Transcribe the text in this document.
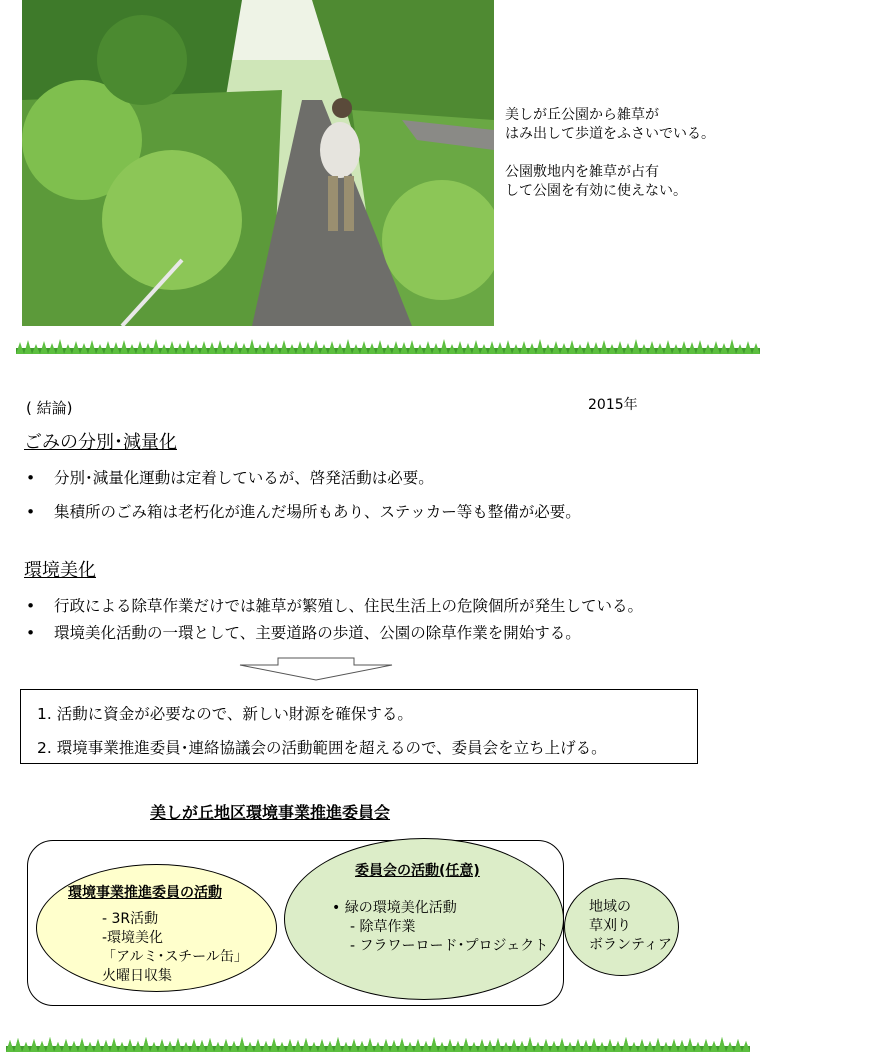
美しが丘公園から雑草が
はみ出して歩道をふさいでいる。

公園敷地内を雑草が占有
して公園を有効に使えない。

( 結論)	2015年
ごみの分別･減量化
• 分別･減量化運動は定着しているが、啓発活動は必要。
• 集積所のごみ箱は老朽化が進んだ場所もあり、ステッカー等も整備が必要。
環境美化
• 行政による除草作業だけでは雑草が繁殖し、住民生活上の危険個所が発生している。
• 環境美化活動の一環として、主要道路の歩道、公園の除草作業を開始する。
1. 活動に資金が必要なので、新しい財源を確保する。
2. 環境事業推進委員･連絡協議会の活動範囲を超えるので、委員会を立ち上げる。
美しが丘地区環境事業推進委員会
環境事業推進委員の活動
- 3R活動
-環境美化
「アルミ･スチール缶」
火曜日収集
委員会の活動(任意)
• 緑の環境美化活動
- 除草作業
- フラワーロード･プロジェクト
地域の
草刈り
ボランティア
